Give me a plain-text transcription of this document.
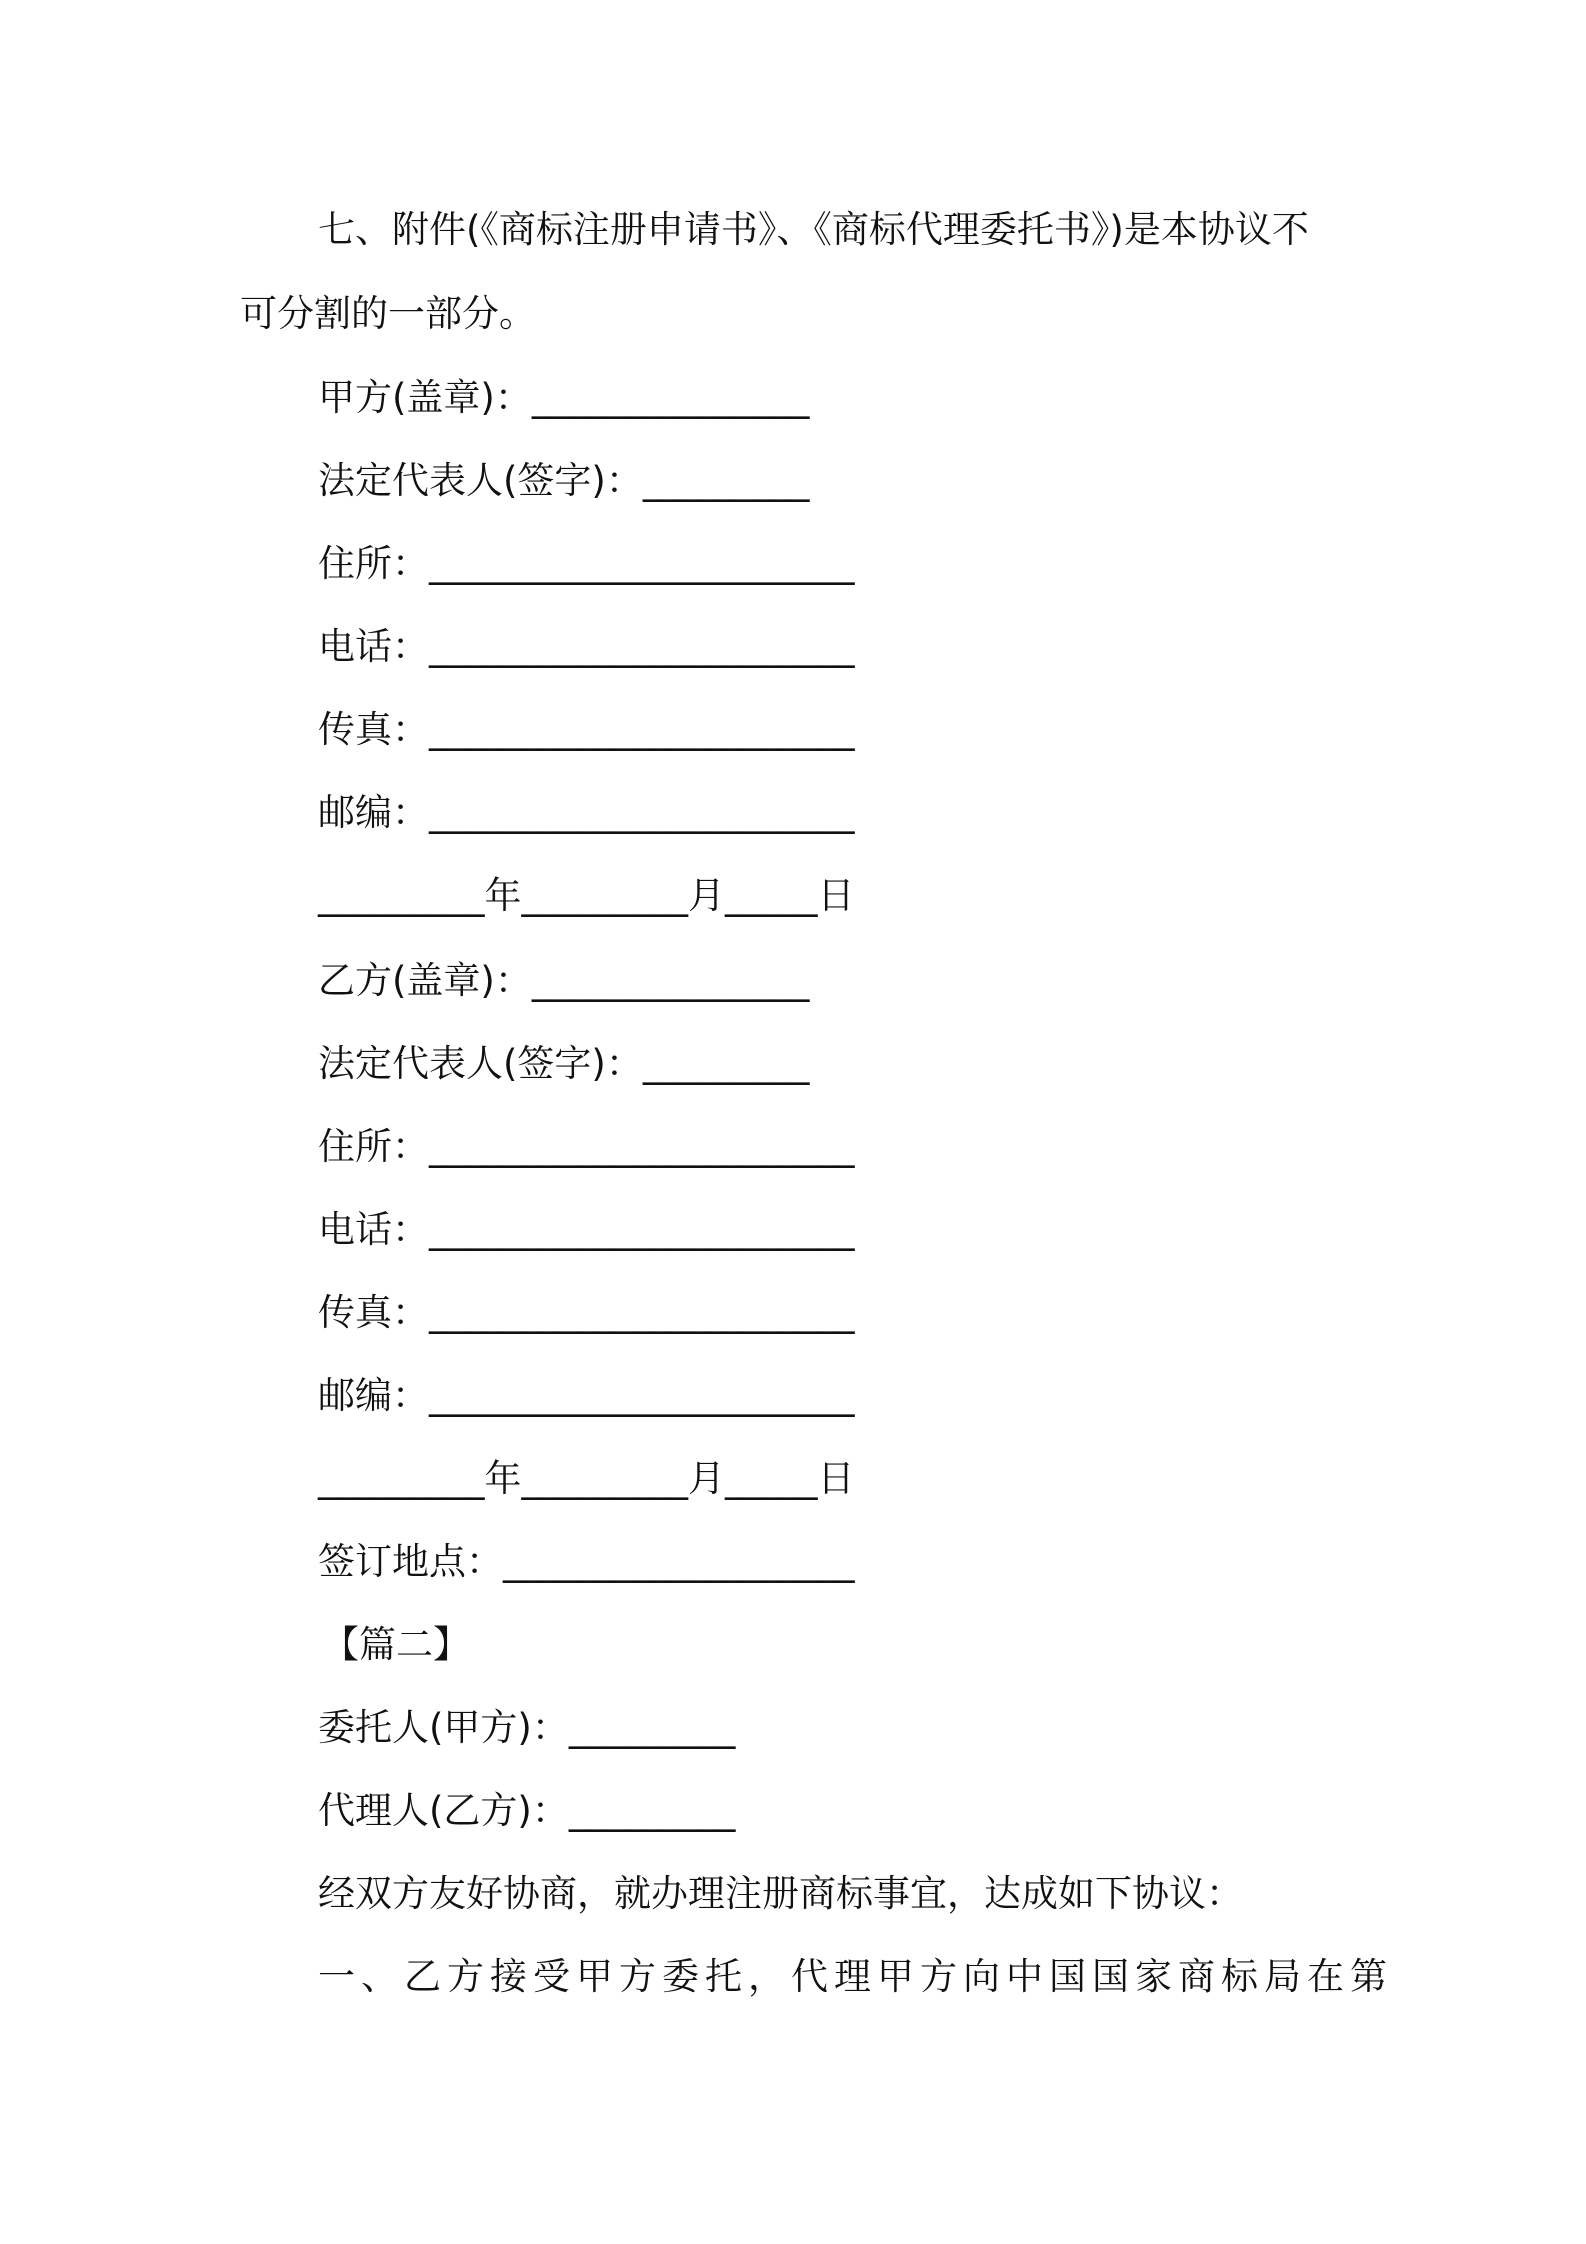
七、附件(《商标注册申请书》、《商标代理委托书》)是本协议不
可分割的一部分。
甲方(盖章)：_______________
法定代表人(签字)：_________
住所：_______________________
电话：_______________________
传真：_______________________
邮编：_______________________
_________年_________月_____日
乙方(盖章)：_______________
法定代表人(签字)：_________
住所：_______________________
电话：_______________________
传真：_______________________
邮编：_______________________
_________年_________月_____日
签订地点：___________________
【篇二】
委托人(甲方)：_________
代理人(乙方)：_________
经双方友好协商，就办理注册商标事宜，达成如下协议：
一、乙方接受甲方委托，代理甲方向中国国家商标局在第
